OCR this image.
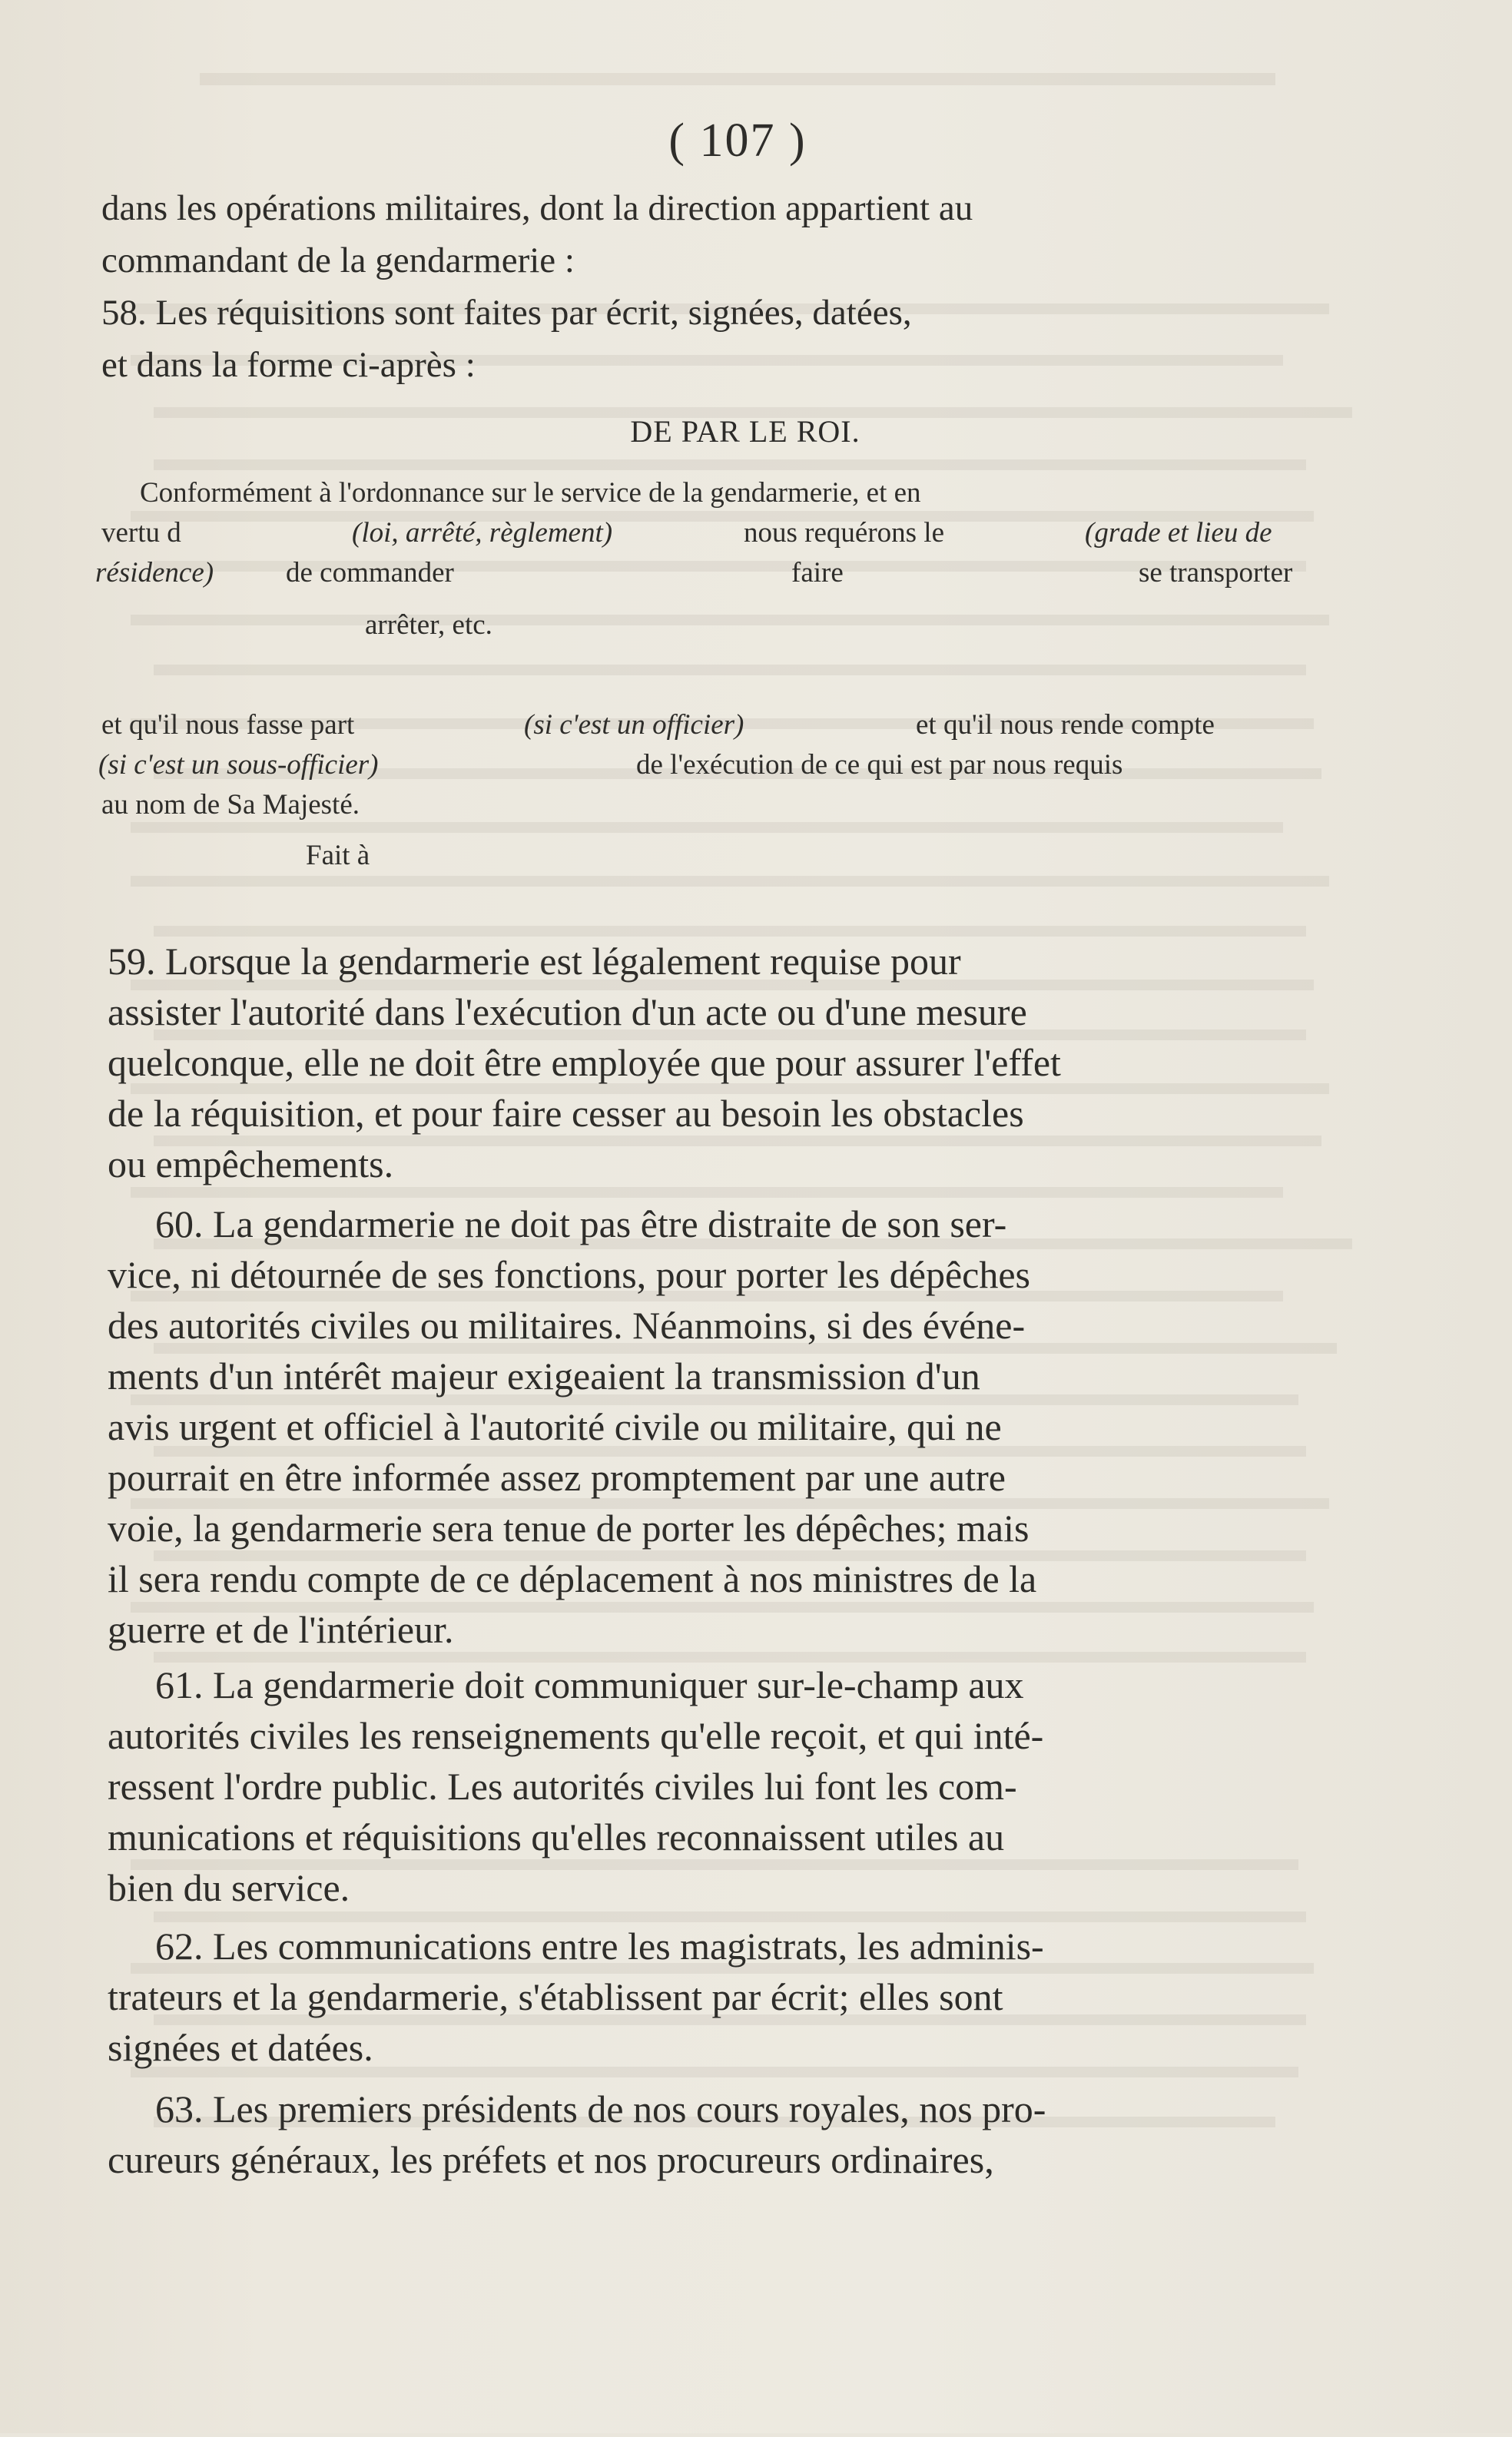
( 107 )

dans les opérations militaires, dont la direction appartient au

commandant de la gendarmerie :

58. Les réquisitions sont faites par écrit, signées, datées,

et dans la forme ci-après :

DE PAR LE ROI.
Conformément à l'ordonnance sur le service de la gendarmerie, et en
vertu d	(loi, arrêté, règlement)	nous requérons le	(grade et lieu de
résidence)	de commander	faire	se transporter
arrêter, etc.
et qu'il nous fasse part	(si c'est un officier)	et qu'il nous rende compte
(si c'est un sous-officier)	de l'exécution de ce qui est par nous requis
au nom de Sa Majesté.
Fait à
59. Lorsque la gendarmerie est légalement requise pour
assister l'autorité dans l'exécution d'un acte ou d'une mesure
quelconque, elle ne doit être employée que pour assurer l'effet
de la réquisition, et pour faire cesser au besoin les obstacles
ou empêchements.
60. La gendarmerie ne doit pas être distraite de son ser-
vice, ni détournée de ses fonctions, pour porter les dépêches
des autorités civiles ou militaires. Néanmoins, si des événe-
ments d'un intérêt majeur exigeaient la transmission d'un
avis urgent et officiel à l'autorité civile ou militaire, qui ne
pourrait en être informée assez promptement par une autre
voie, la gendarmerie sera tenue de porter les dépêches; mais
il sera rendu compte de ce déplacement à nos ministres de la
guerre et de l'intérieur.
61. La gendarmerie doit communiquer sur-le-champ aux
autorités civiles les renseignements qu'elle reçoit, et qui inté-
ressent l'ordre public. Les autorités civiles lui font les com-
munications et réquisitions qu'elles reconnaissent utiles au
bien du service.
62. Les communications entre les magistrats, les adminis-
trateurs et la gendarmerie, s'établissent par écrit; elles sont
signées et datées.
63. Les premiers présidents de nos cours royales, nos pro-
cureurs généraux, les préfets et nos procureurs ordinaires,
